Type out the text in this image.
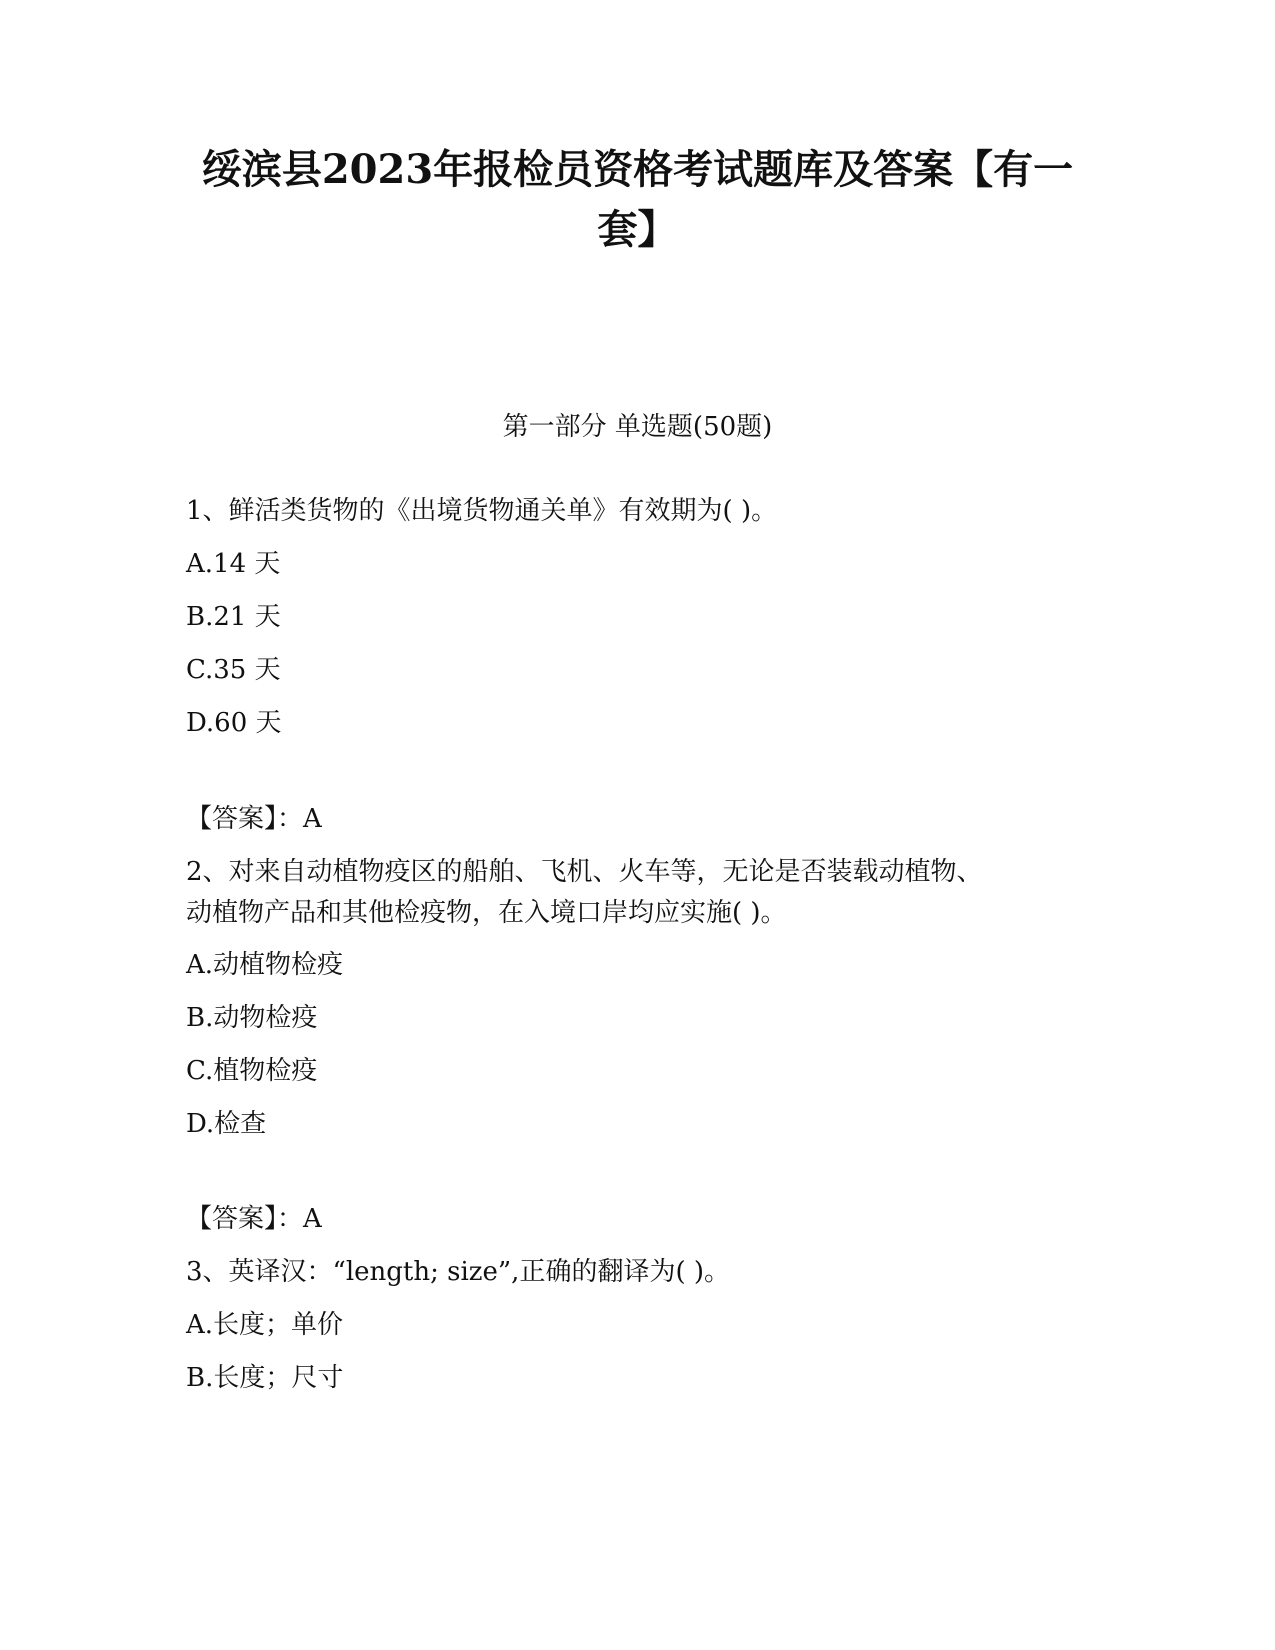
绥滨县2023年报检员资格考试题库及答案【有一
套】
第一部分 单选题(50题)
1、鲜活类货物的《出境货物通关单》有效期为( )。
A.14 天
B.21 天
C.35 天
D.60 天
【答案】：A
2、对来自动植物疫区的船舶、飞机、火车等，无论是否装载动植物、
动植物产品和其他检疫物，在入境口岸均应实施( )。
A.动植物检疫
B.动物检疫
C.植物检疫
D.检查
【答案】：A
3、英译汉：“length; size”,正确的翻译为( )。
A.长度；单价
B.长度；尺寸
